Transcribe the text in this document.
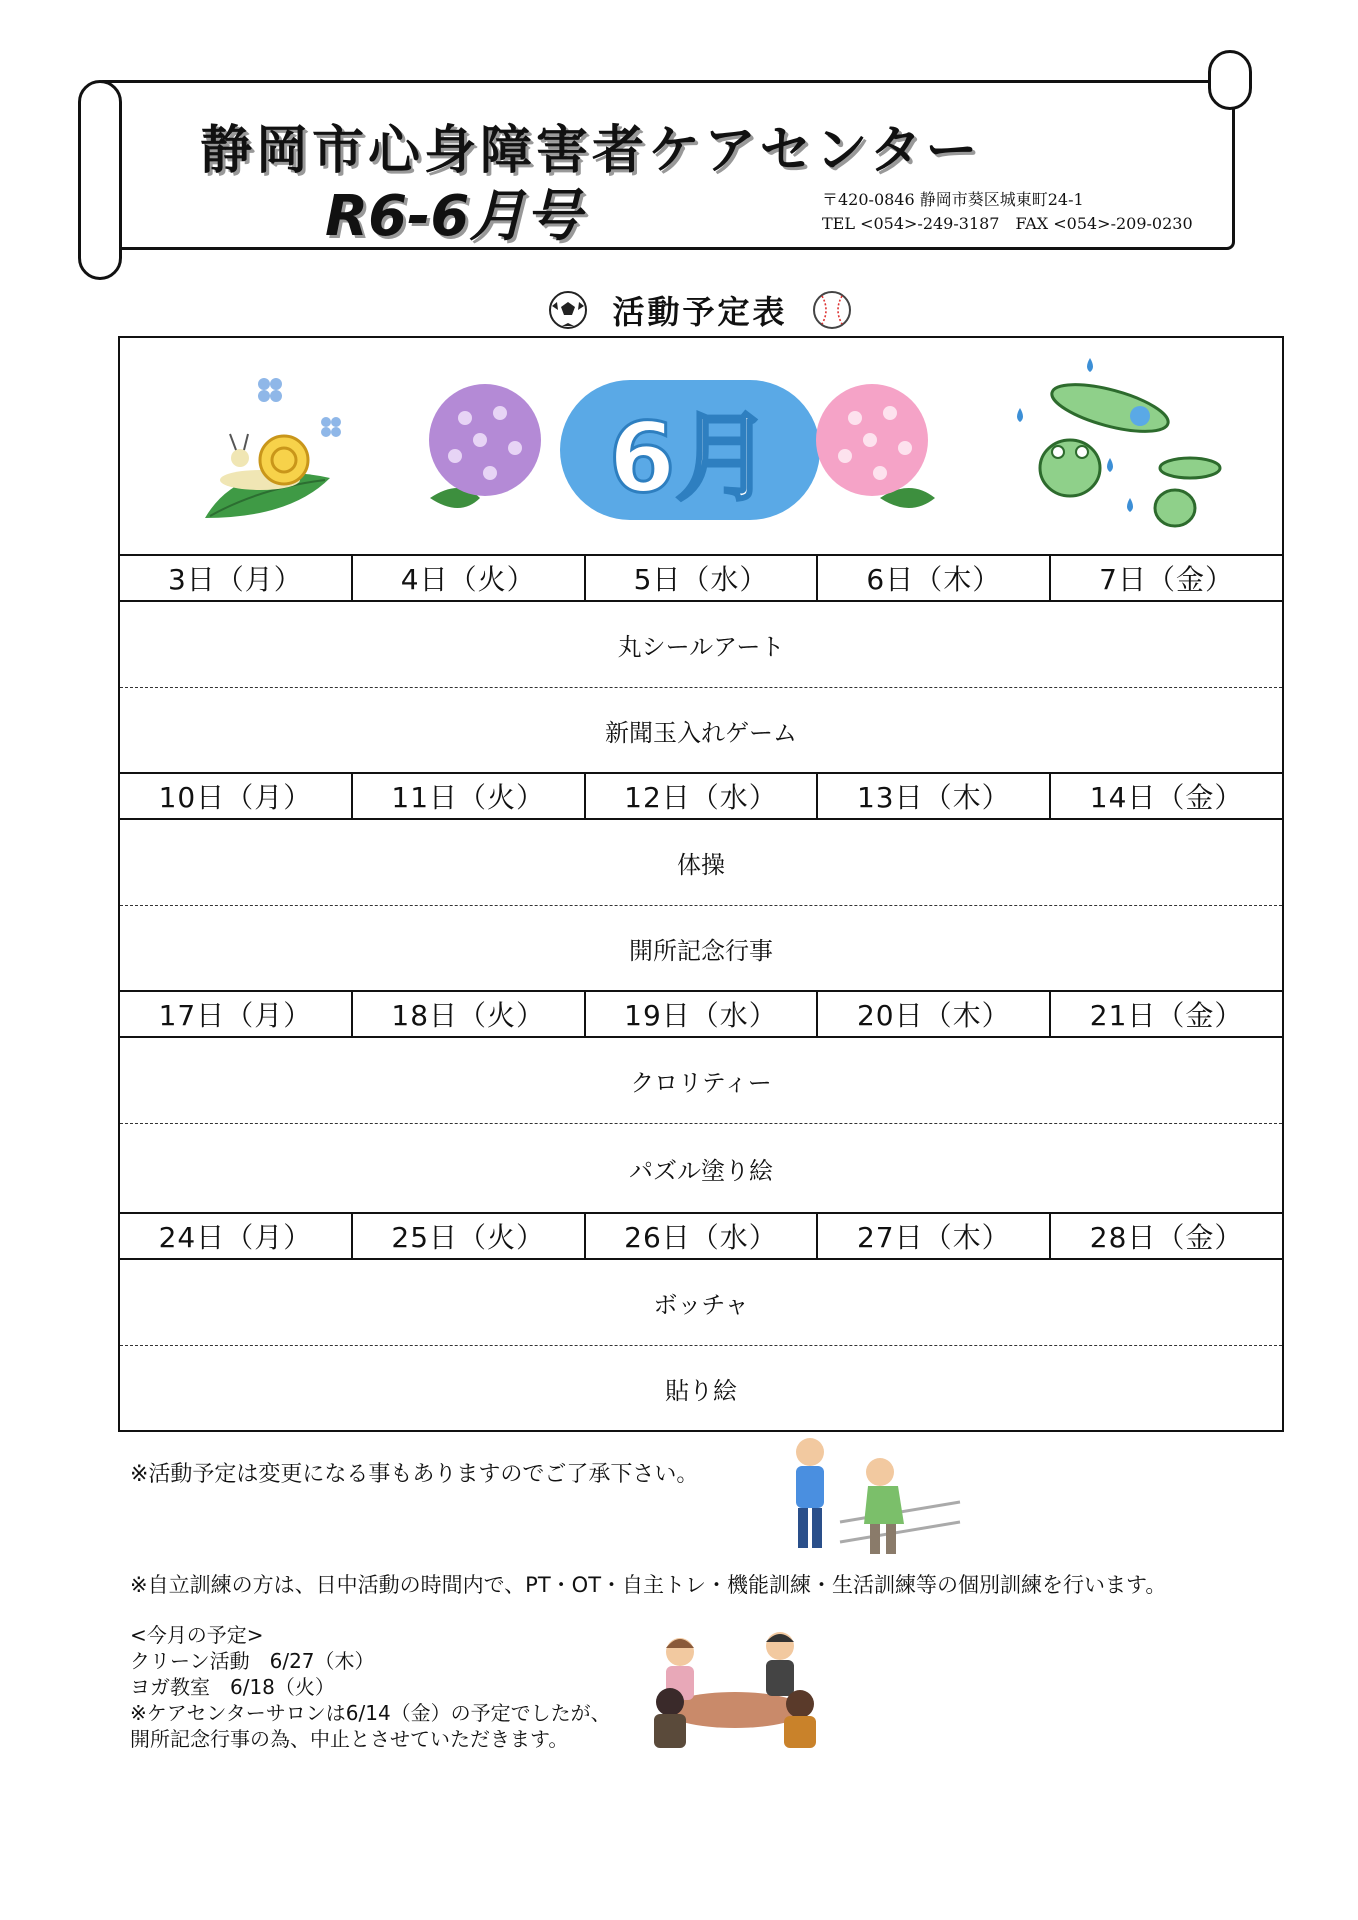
静岡市心身障害者ケアセンター
R6-6月号	〒420-0846 静岡市葵区城東町24-1
TEL <054>-249-3187　FAX <054>-209-0230
活動予定表
6月
3日（月）	4日（火）	5日（水）	6日（木）	7日（金）
丸シールアート
新聞玉入れゲーム
10日（月）	11日（火）	12日（水）	13日（木）	14日（金）
体操
開所記念行事
17日（月）	18日（火）	19日（水）	20日（木）	21日（金）
クロリティー
パズル塗り絵
24日（月）	25日（火）	26日（水）	27日（木）	28日（金）
ボッチャ
貼り絵
※活動予定は変更になる事もありますのでご了承下さい。
※自立訓練の方は、日中活動の時間内で、PT・OT・自主トレ・機能訓練・生活訓練等の個別訓練を行います。
<今月の予定>
クリーン活動　6/27（木）
ヨガ教室　6/18（火）
※ケアセンターサロンは6/14（金）の予定でしたが、
開所記念行事の為、中止とさせていただきます。
